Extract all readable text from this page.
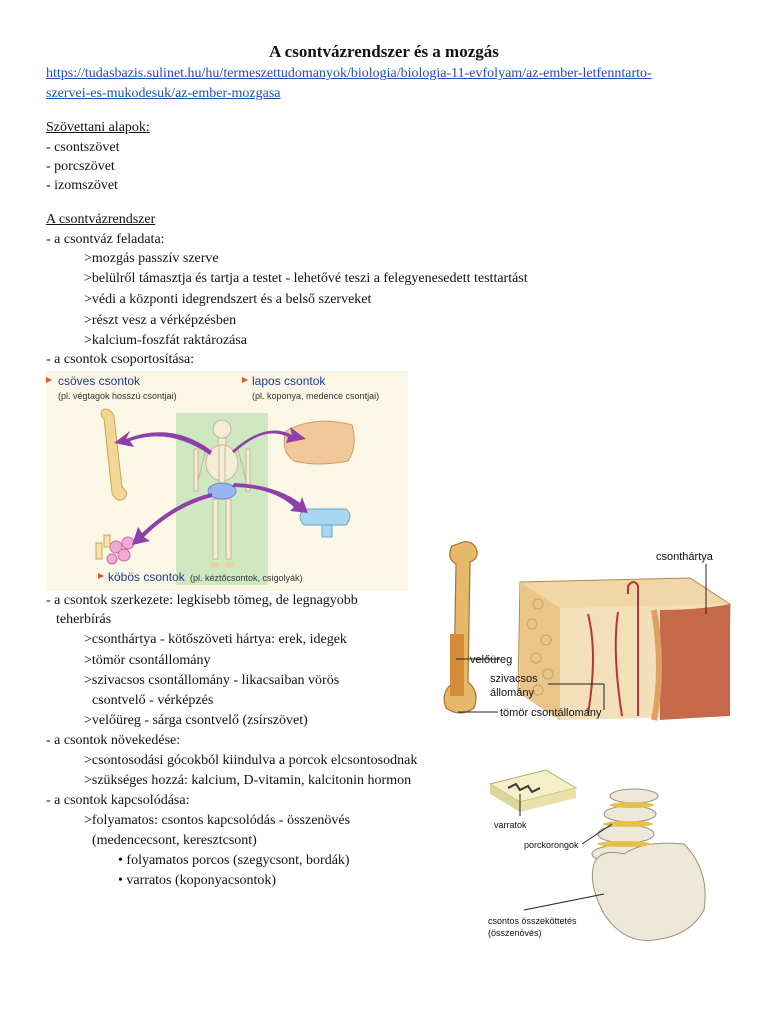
A csontvázrendszer és a mozgás
https://tudasbazis.sulinet.hu/hu/termeszettudomanyok/biologia/biologia-11-evfolyam/az-ember-letfenntarto-
szervei-es-mukodesuk/az-ember-mozgasa
Szövettani alapok:
- csontszövet
- porcszövet
- izomszövet
A csontvázrendszer
- a csontváz feladata:
>mozgás passzív szerve
>belülről támasztja és tartja a testet - lehetővé teszi a felegyenesedett testtartást
>védi a központi idegrendszert és a belső szerveket
>részt vesz a vérképzésben
>kalcium-foszfát raktározása
- a csontok csoportosítása:
csöves csontok
(pl. végtagok hosszú csontjai)
lapos csontok
(pl. koponya, medence csontjai)
köbös csontok (pl. kéztőcsontok, csigolyák)
- a csontok szerkezete: legkisebb tömeg, de legnagyobb
teherbírás
>csonthártya - kötőszöveti hártya: erek, idegek
>tömör csontállomány
>szivacsos csontállomány - likacsaiban vörös
csontvelő - vérképzés
>velőüreg - sárga csontvelő (zsírszövet)
- a csontok növekedése:
>csontosodási gócokból kiindulva a porcok elcsontosodnak
>szükséges hozzá: kalcium, D-vitamin, kalcitonin hormon
- a csontok kapcsolódása:
>folyamatos: csontos kapcsolódás - összenövés
(medencecsont, keresztcsont)
• folyamatos porcos (szegycsont, bordák)
• varratos (koponyacsontok)
csonthártya
velőüreg
szivacsos
állomány
tömör csontállomány
varratok
porckorongok
csontos összeköttetés
(összenövés)
